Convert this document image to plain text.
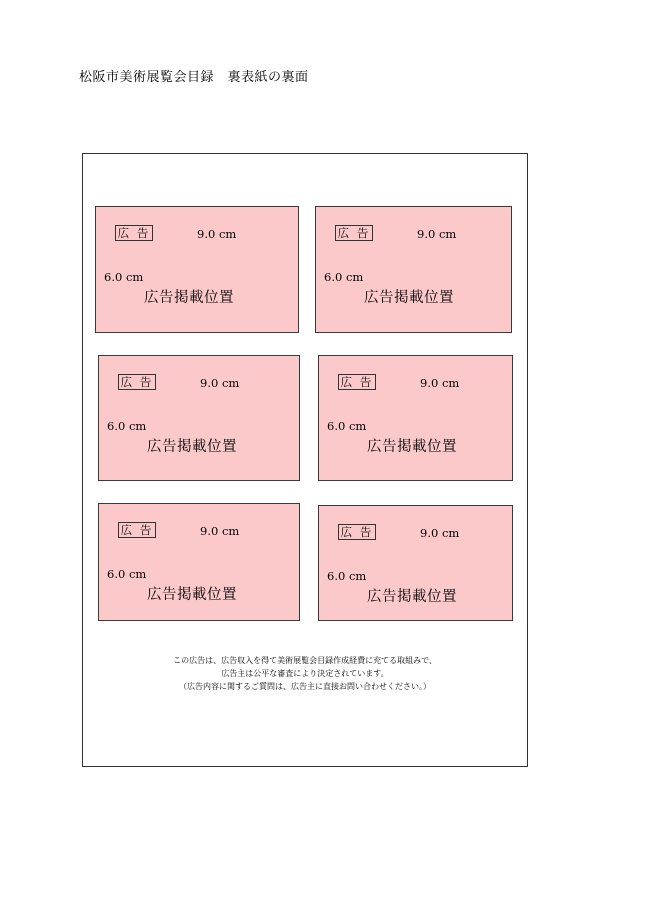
松阪市美術展覧会目録　裏表紙の裏面
広 告	9.0 cm
6.0 cm
広告掲載位置
広 告	9.0 cm
6.0 cm
広告掲載位置
広 告	9.0 cm
6.0 cm
広告掲載位置
広 告	9.0 cm
6.0 cm
広告掲載位置
広 告	9.0 cm
6.0 cm
広告掲載位置
広 告	9.0 cm
6.0 cm
広告掲載位置
この広告は、広告収入を得て美術展覧会目録作成経費に充てる取組みで、
広告主は公平な審査により決定されています。
（広告内容に関するご質問は、広告主に直接お問い合わせください。）
